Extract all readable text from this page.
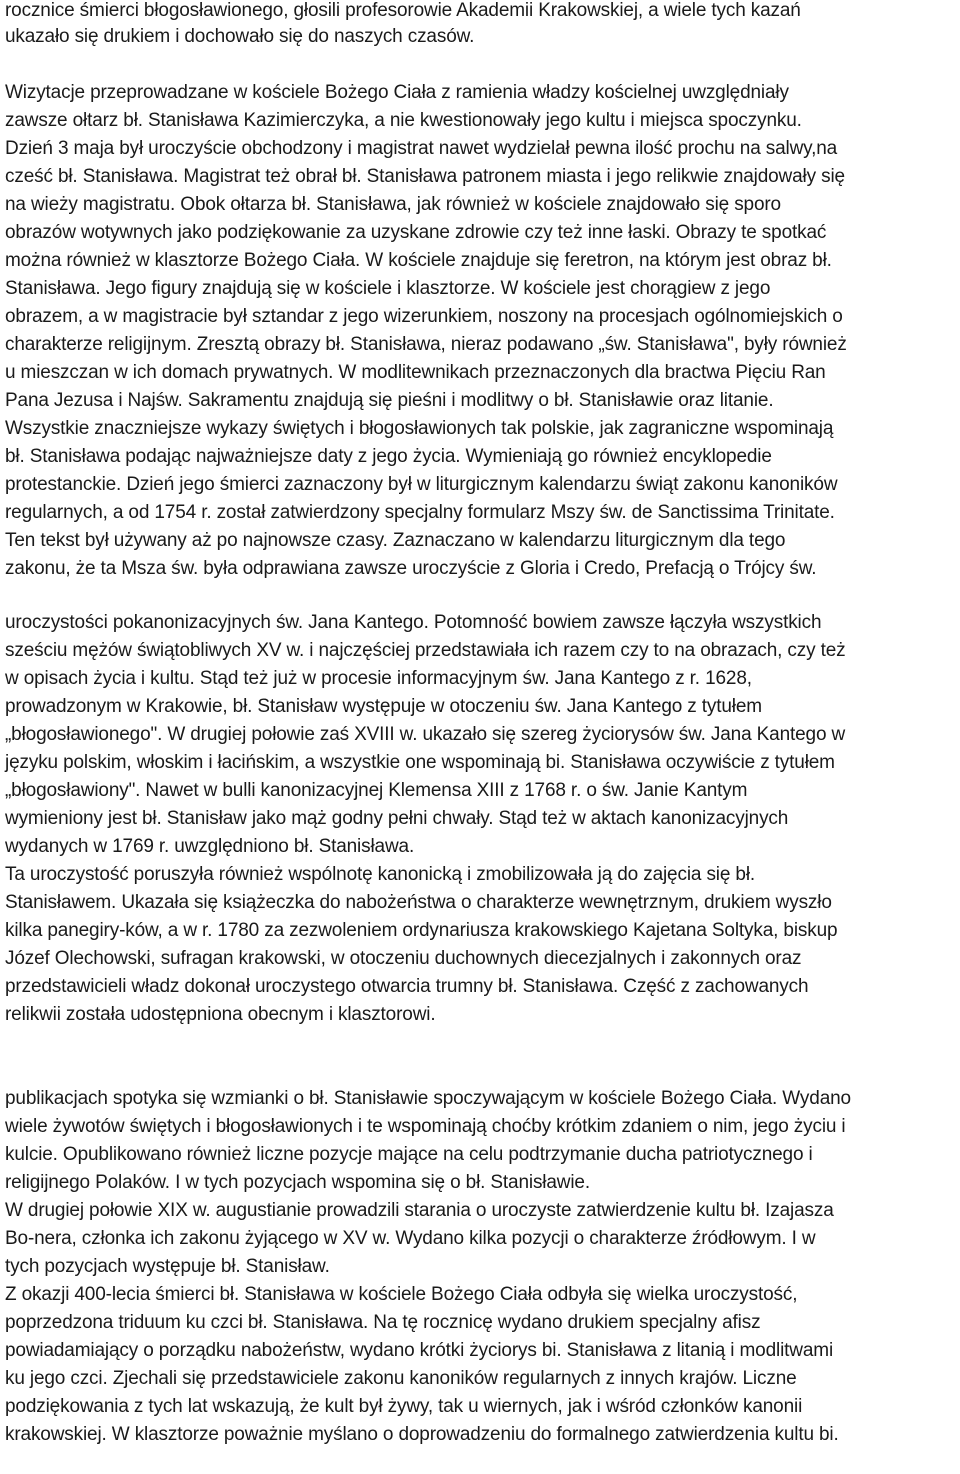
rocznice śmierci błogosławionego, głosili profesorowie Akademii Krakowskiej, a wiele tych kazań
ukazało się drukiem i dochowało się do naszych czasów.
Wizytacje przeprowadzane w kościele Bożego Ciała z ramienia władzy kościelnej uwzględniały
zawsze ołtarz bł. Stanisława Kazimierczyka, a nie kwestionowały jego kultu i miejsca spoczynku.
Dzień 3 maja był uroczyście obchodzony i magistrat nawet wydzielał pewna ilość prochu na salwy,na
cześć bł. Stanisława. Magistrat też obrał bł. Stanisława patronem miasta i jego relikwie znajdowały się
na wieży magistratu. Obok ołtarza bł. Stanisława, jak również w kościele znajdowało się sporo
obrazów wotywnych jako podziękowanie za uzyskane zdrowie czy też inne łaski. Obrazy te spotkać
można również w klasztorze Bożego Ciała. W kościele znajduje się feretron, na którym jest obraz bł.
Stanisława. Jego figury znajdują się w kościele i klasztorze. W kościele jest chorągiew z jego
obrazem, a w magistracie był sztandar z jego wizerunkiem, noszony na procesjach ogólnomiejskich o
charakterze religijnym. Zresztą obrazy bł. Stanisława, nieraz podawano „św. Stanisława", były również
u mieszczan w ich domach prywatnych. W modlitewnikach przeznaczonych dla bractwa Pięciu Ran
Pana Jezusa i Najśw. Sakramentu znajdują się pieśni i modlitwy o bł. Stanisławie oraz litanie.
Wszystkie znaczniejsze wykazy świętych i błogosławionych tak polskie, jak zagraniczne wspominają
bł. Stanisława podając najważniejsze daty z jego życia. Wymieniają go również encyklopedie
protestanckie. Dzień jego śmierci zaznaczony był w liturgicznym kalendarzu świąt zakonu kanoników
regularnych, a od 1754 r. został zatwierdzony specjalny formularz Mszy św. de Sanctissima Trinitate.
Ten tekst był używany aż po najnowsze czasy. Zaznaczano w kalendarzu liturgicznym dla tego
zakonu, że ta Msza św. była odprawiana zawsze uroczyście z Gloria i Credo, Prefacją o Trójcy św.
uroczystości pokanonizacyjnych św. Jana Kantego. Potomność bowiem zawsze łączyła wszystkich
sześciu mężów świątobliwych XV w. i najczęściej przedstawiała ich razem czy to na obrazach, czy też
w opisach życia i kultu. Stąd też już w procesie informacyjnym św. Jana Kantego z r. 1628,
prowadzonym w Krakowie, bł. Stanisław występuje w otoczeniu św. Jana Kantego z tytułem
„błogosławionego". W drugiej połowie zaś XVIII w. ukazało się szereg życiorysów św. Jana Kantego w
języku polskim, włoskim i łacińskim, a wszystkie one wspominają bi. Stanisława oczywiście z tytułem
„błogosławiony". Nawet w bulli kanonizacyjnej Klemensa XIII z 1768 r. o św. Janie Kantym
wymieniony jest bł. Stanisław jako mąż godny pełni chwały. Stąd też w aktach kanonizacyjnych
wydanych w 1769 r. uwzględniono bł. Stanisława.
Ta uroczystość poruszyła również wspólnotę kanonicką i zmobilizowała ją do zajęcia się bł.
Stanisławem. Ukazała się książeczka do nabożeństwa o charakterze wewnętrznym, drukiem wyszło
kilka panegiry-ków, a w r. 1780 za zezwoleniem ordynariusza krakowskiego Kajetana Soltyka, biskup
Józef Olechowski, sufragan krakowski, w otoczeniu duchownych diecezjalnych i zakonnych oraz
przedstawicieli władz dokonał uroczystego otwarcia trumny bł. Stanisława. Część z zachowanych
relikwii została udostępniona obecnym i klasztorowi.
publikacjach spotyka się wzmianki o bł. Stanisławie spoczywającym w kościele Bożego Ciała. Wydano
wiele żywotów świętych i błogosławionych i te wspominają choćby krótkim zdaniem o nim, jego życiu i
kulcie. Opublikowano również liczne pozycje mające na celu podtrzymanie ducha patriotycznego i
religijnego Polaków. I w tych pozycjach wspomina się o bł. Stanisławie.
W drugiej połowie XIX w. augustianie prowadzili starania o uroczyste zatwierdzenie kultu bł. Izajasza
Bo-nera, członka ich zakonu żyjącego w XV w. Wydano kilka pozycji o charakterze źródłowym. I w
tych pozycjach występuje bł. Stanisław.
Z okazji 400-lecia śmierci bł. Stanisława w kościele Bożego Ciała odbyła się wielka uroczystość,
poprzedzona triduum ku czci bł. Stanisława. Na tę rocznicę wydano drukiem specjalny afisz
powiadamiający o porządku nabożeństw, wydano krótki życiorys bi. Stanisława z litanią i modlitwami
ku jego czci. Zjechali się przedstawiciele zakonu kanoników regularnych z innych krajów. Liczne
podziękowania z tych lat wskazują, że kult był żywy, tak u wiernych, jak i wśród członków kanonii
krakowskiej. W klasztorze poważnie myślano o doprowadzeniu do formalnego zatwierdzenia kultu bi.
